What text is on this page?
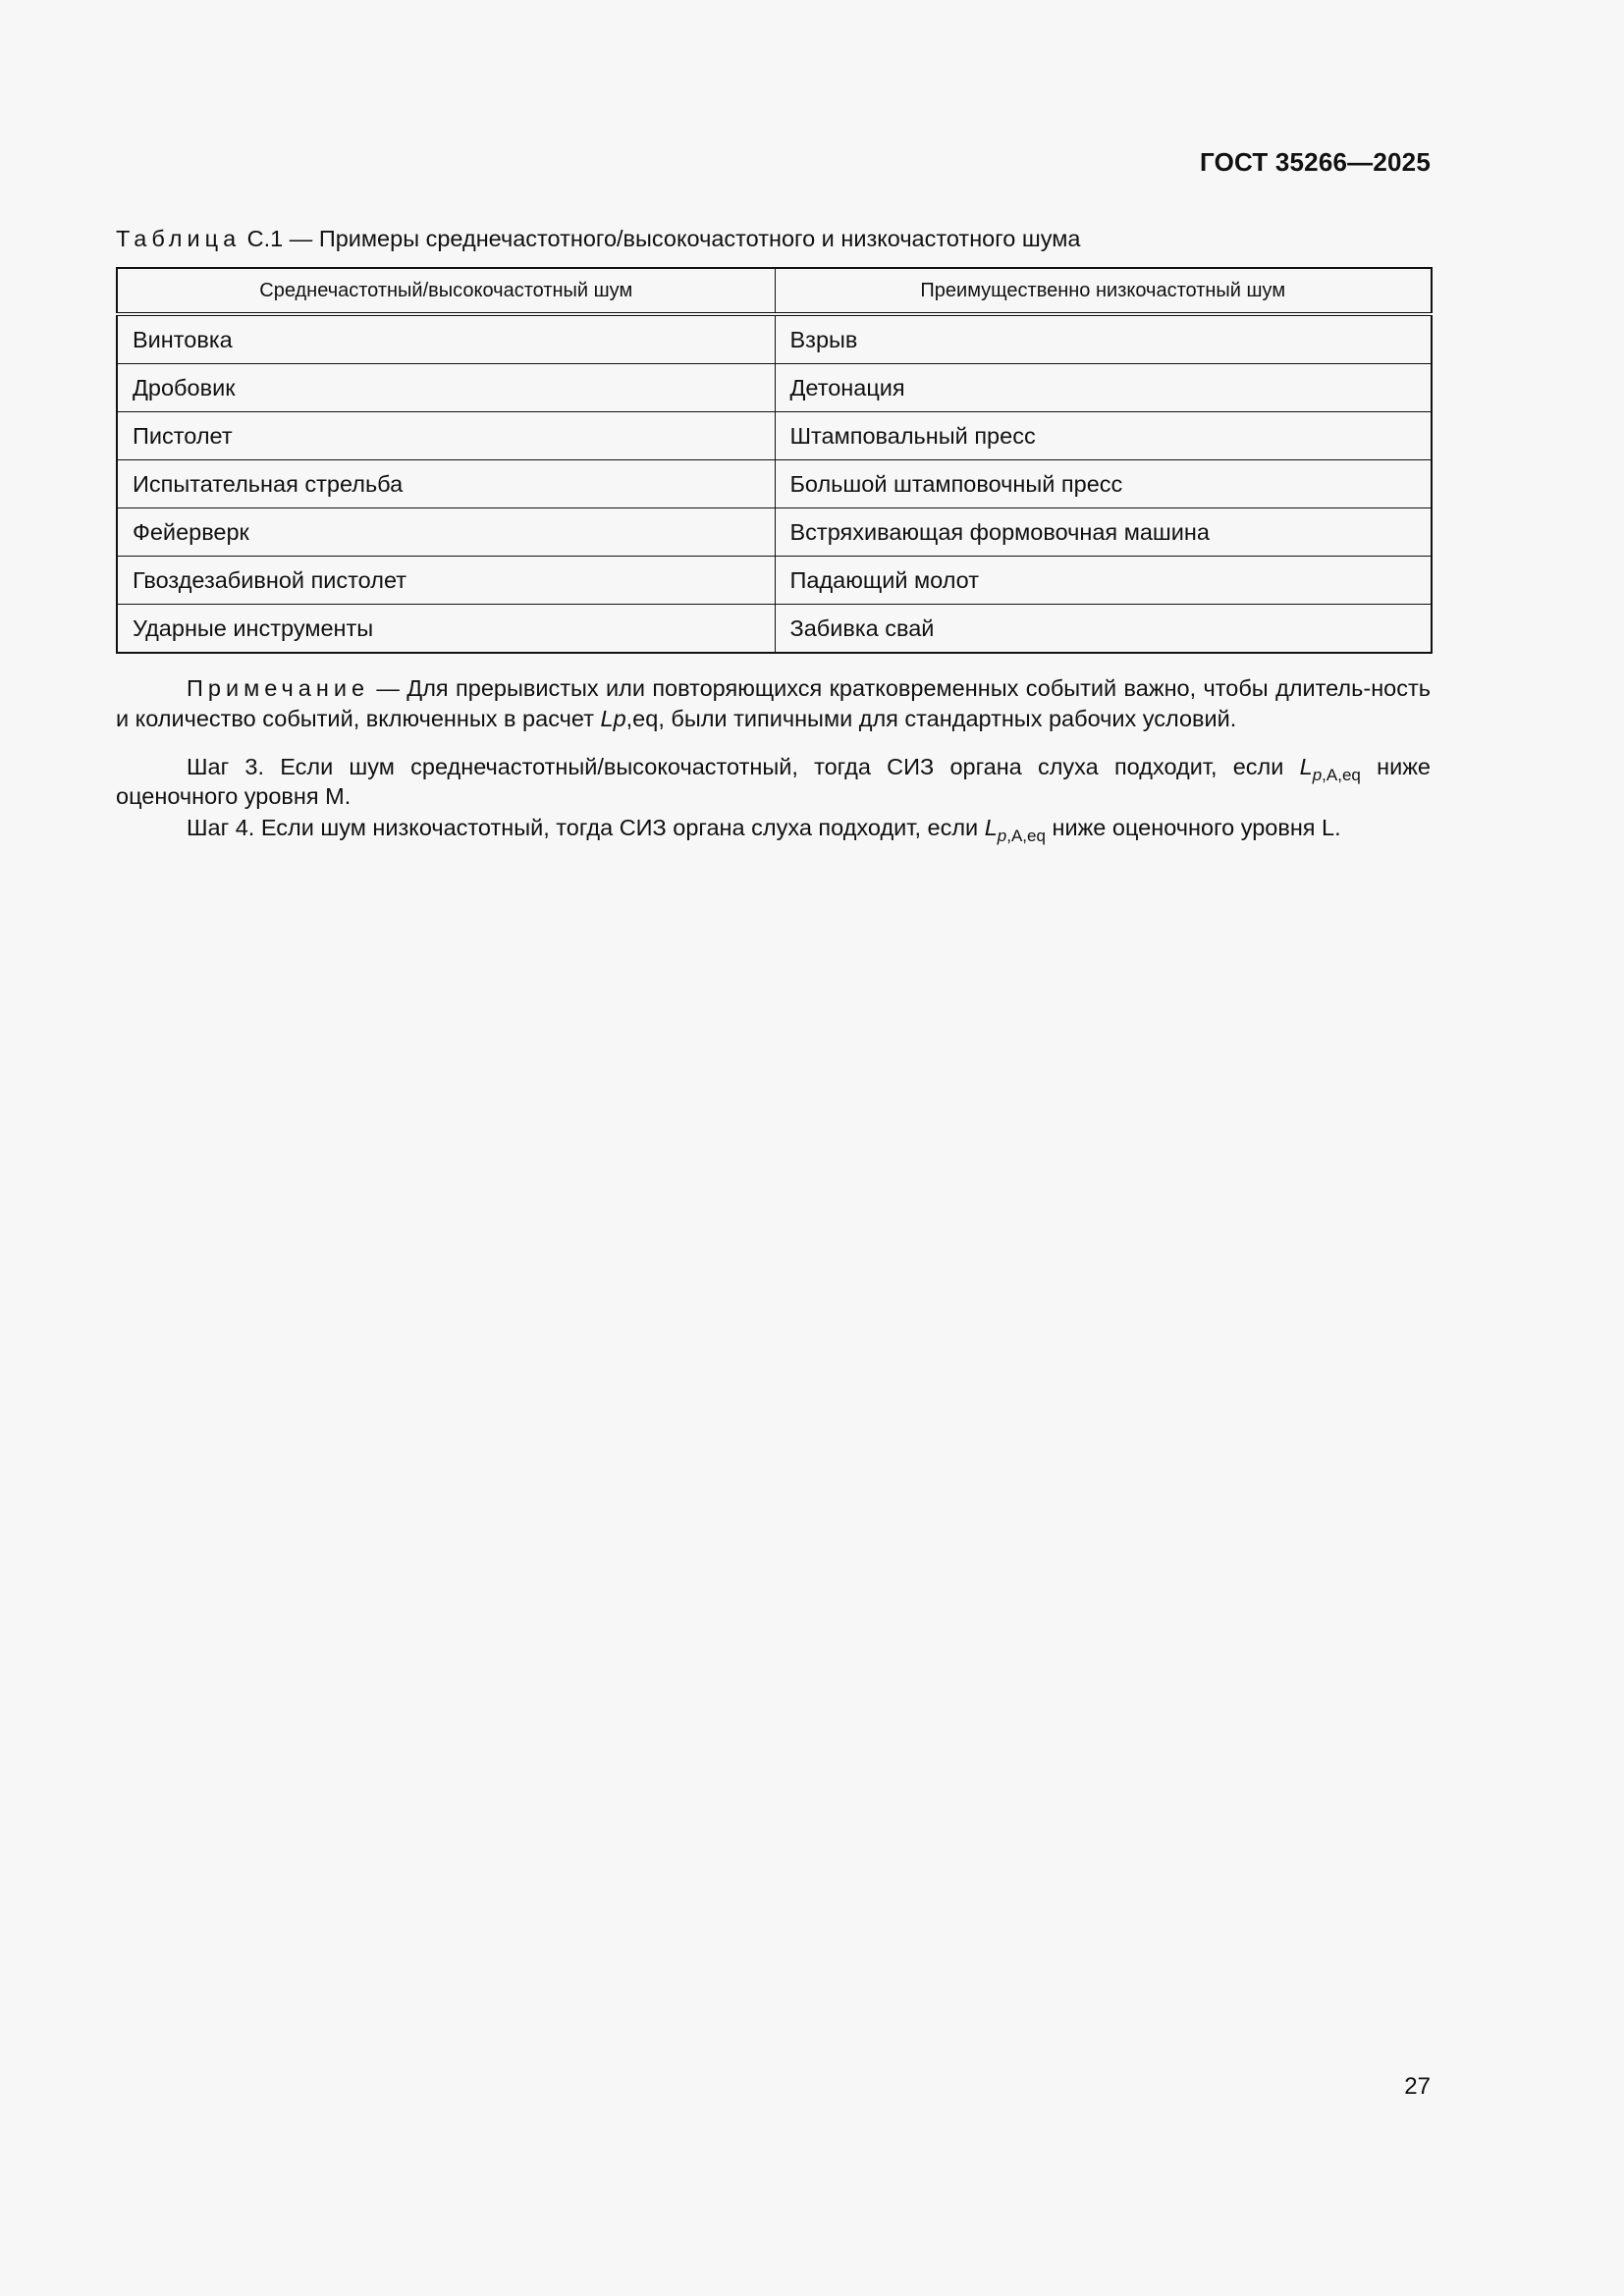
ГОСТ 35266—2025
Таблица С.1 — Примеры среднечастотного/высокочастотного и низкочастотного шума
Среднечастотный/высокочастотный шум	Преимущественно низкочастотный шум
Винтовка	Взрыв
Дробовик	Детонация
Пистолет	Штамповальный пресс
Испытательная стрельба	Большой штамповочный пресс
Фейерверк	Встряхивающая формовочная машина
Гвоздезабивной пистолет	Падающий молот
Ударные инструменты	Забивка свай

Примечание — Для прерывистых или повторяющихся кратковременных событий важно, чтобы длитель-ность и количество событий, включенных в расчет Lp,eq, были типичными для стандартных рабочих условий.

Шаг 3. Если шум среднечастотный/высокочастотный, тогда СИЗ органа слуха подходит, если $L_{p,A,eq}$ ниже оценочного уровня M.

Шаг 4. Если шум низкочастотный, тогда СИЗ органа слуха подходит, если $L_{p,A,eq}$ ниже оценочного уровня L.

27
